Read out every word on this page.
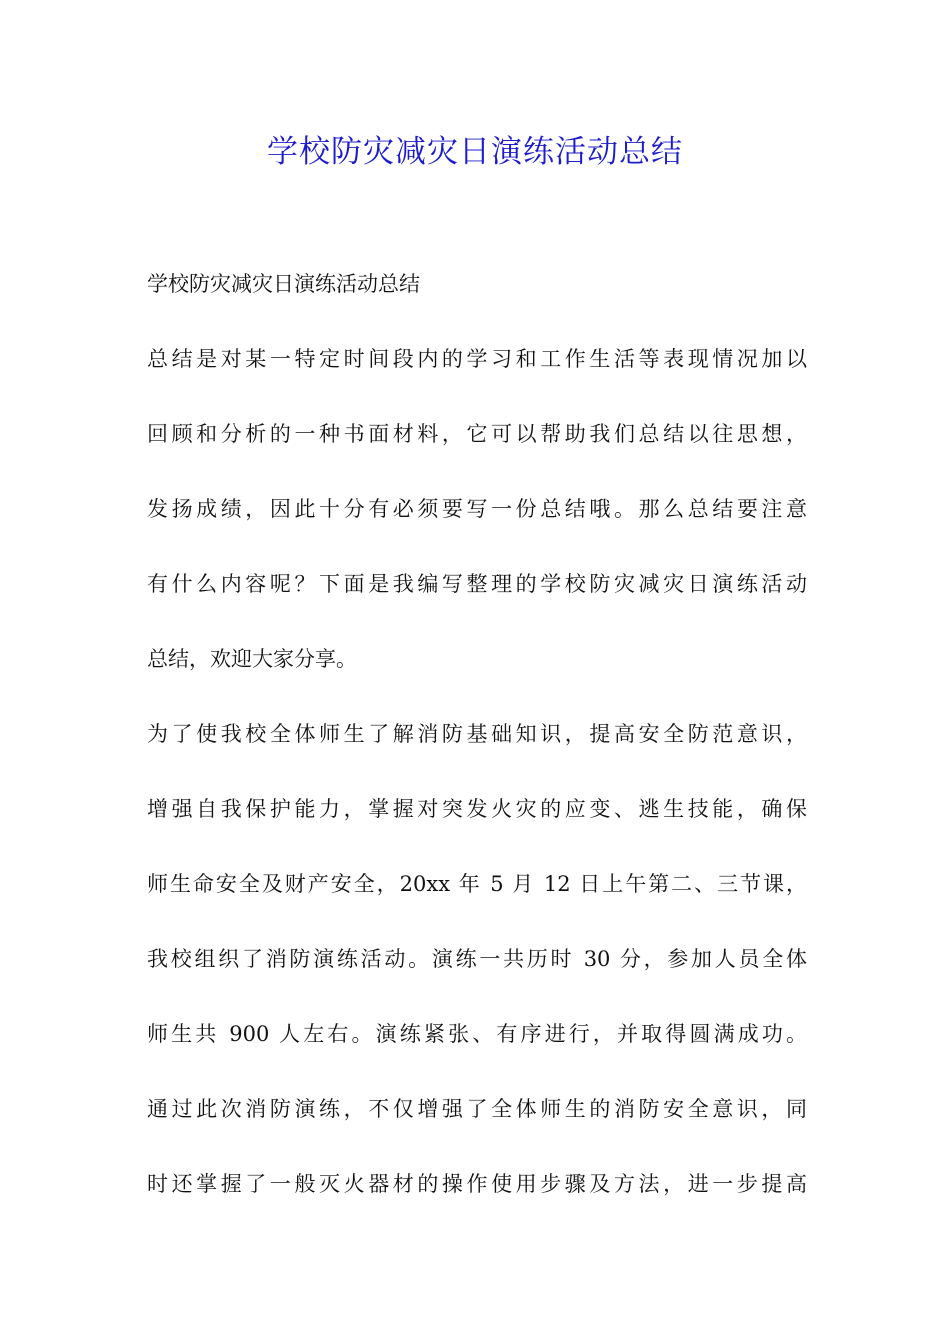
学校防灾减灾日演练活动总结
学校防灾减灾日演练活动总结
总结是对某一特定时间段内的学习和工作生活等表现情况加以
回顾和分析的一种书面材料，它可以帮助我们总结以往思想，
发扬成绩，因此十分有必须要写一份总结哦。那么总结要注意
有什么内容呢？下面是我编写整理的学校防灾减灾日演练活动
总结，欢迎大家分享。
为了使我校全体师生了解消防基础知识，提高安全防范意识，
增强自我保护能力，掌握对突发火灾的应变、逃生技能，确保
师生命安全及财产安全，20xx 年 5 月 12 日上午第二、三节课，
我校组织了消防演练活动。演练一共历时 30 分，参加人员全体
师生共 900 人左右。演练紧张、有序进行，并取得圆满成功。
通过此次消防演练，不仅增强了全体师生的消防安全意识，同
时还掌握了一般灭火器材的操作使用步骤及方法，进一步提高
